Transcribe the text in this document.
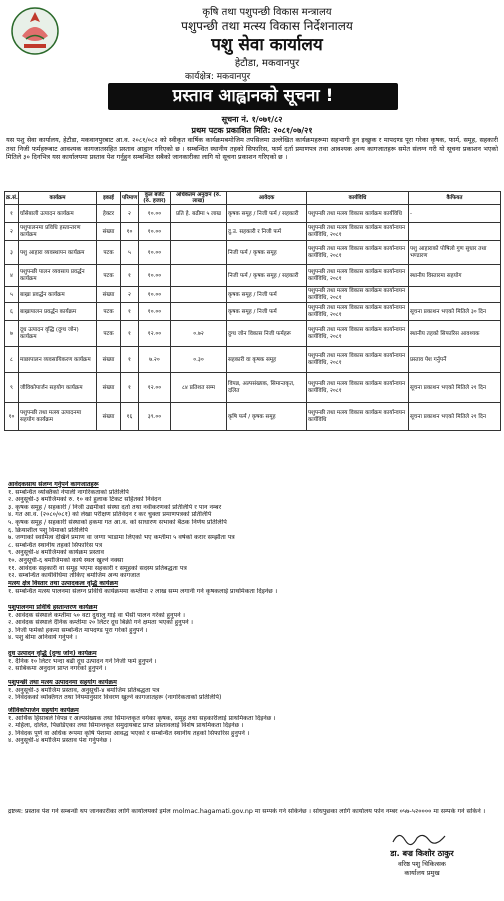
कृषि तथा पशुपन्छी विकास मन्त्रालय
पशुपन्छी तथा मत्स्य विकास निर्देशनालय
पशु सेवा कार्यालय
हेटौडा, मकवानपुर
कार्यक्षेत्र: मकवानपुर
प्रस्ताव आह्वानको सूचना !
सूचना नं. १/०७१/८२
प्रथम पटक प्रकाशित मिति: २०८१/०७/२१
यस पशु सेवा कार्यालय, हेटौडा, मकवानपुरबाट आ.व. २०८१/०८२ को स्वीकृत वार्षिक कार्यक्रमबमोजिम तपसिलमा उल्लेखित कार्यक्रमहरूमा सहभागी हुन इच्छुक र मापदण्ड पूरा गरेका कृषक, फार्म, समूह, सहकारी तथा निजी फर्महरूबाट आवश्यक कागजातसहित प्रस्ताव आह्वान गरिएको छ । सम्बन्धित स्थानीय तहको सिफारिस, फार्म दर्ता प्रमाणपत्र तथा आवश्यक अन्य कागजातहरू समेत संलग्न गरी यो सूचना प्रकाशन भएको मितिले ३० दिनभित्र यस कार्यालयमा प्रस्ताव पेश गर्नुहुन सम्बन्धित सबैको जानकारीका लागि यो सूचना प्रकाशन गरिएको छ ।
क्र.सं.	कार्यक्रम	इकाई	परिमाण	कुल बजेट (रु. हजार)	अधिकतम अनुदान (रु. लाख)	आवेदक	कार्यविधि	कैफियत
१	घाँसेबाली उत्पादन कार्यक्रम	हेक्टर	२	१०.००	प्रति हे. बढीमा ५ लाख	कृषक समूह / निजी फर्म / सहकारी	पशुपन्छी तथा मत्स्य विकास कार्यक्रम कार्यविधि	-
२	पशुपालनमा प्रविधि हस्तान्तरण कार्यक्रम	संख्या	१०	१०.००		दु.उ. सहकारी र निजी फर्म	पशुपन्छी तथा मत्स्य विकास कार्यक्रम कार्यान्वयन कार्यविधि, २०८१	
३	पशु आहारा व्यवस्थापन कार्यक्रम	पटक	५	१०.००		निजी फर्म / कृषक समूह	पशुपन्छी तथा मत्स्य विकास कार्यक्रम कार्यान्वयन कार्यविधि, २०८१	पशु आहाराको पोषिलो गुण सुधार तथा भण्डारण
४	पशुपन्छी पालन व्यवसाय प्रवर्द्धन कार्यक्रम	पटक	१	१०.००		निजी फर्म / कृषक समूह / सहकारी	पशुपन्छी तथा मत्स्य विकास कार्यक्रम कार्यान्वयन कार्यविधि, २०८१	स्थानीय विस्तारमा सहयोग
५	बाख्रा प्रवर्द्धन कार्यक्रम	संख्या	२	१०.००		कृषक समूह / निजी फर्म	पशुपन्छी तथा मत्स्य विकास कार्यक्रम कार्यान्वयन कार्यविधि, २०८१	
६	बाख्रापालन प्रवर्द्धन कार्यक्रम	पटक	१	१०.००		कृषक समूह / निजी फर्म	पशुपन्छी तथा मत्स्य विकास कार्यक्रम कार्यान्वयन कार्यविधि, २०८१	सूचना प्रकाशन भएको मितिले ३० दिन
७	दूध उत्पादन वृद्धि (दुग्ध जोन) कार्यक्रम	पटक	१	१२.००	०.७२	दुग्ध जोन विकास निजी फर्महरू	पशुपन्छी तथा मत्स्य विकास कार्यक्रम कार्यान्वयन कार्यविधि, २०८१	स्थानीय तहको सिफारिस आवश्यक
८	माछापालन व्यवसायिकरण कार्यक्रम	संख्या	१	७.२०	०.३०	सहकारी वा कृषक समूह	पशुपन्छी तथा मत्स्य विकास कार्यक्रम कार्यान्वयन कार्यविधि, २०८१	प्रस्ताव पेश गर्नुपर्ने
९	जीविकोपार्जन सहयोग कार्यक्रम	संख्या	१	१२.००	८४ प्रतिशत सम्म	विपन्न, अल्पसंख्यक, सिमान्तकृत, दलित	पशुपन्छी तथा मत्स्य विकास कार्यक्रम कार्यान्वयन कार्यविधि, २०८१	सूचना प्रकाशन भएको मितिले २१ दिन
१०	पशुपन्छी तथा मत्स्य उत्पादनमा सहयोग कार्यक्रम	संख्या	१६	३९.००		कृषि फर्म / कृषक समूह	पशुपन्छी तथा मत्स्य विकास कार्यक्रम कार्यान्वयन कार्यविधि	सूचना प्रकाशन भएको मितिले २१ दिन
आवेदकसाथ संलग्न गर्नुपर्ने कागजातहरू
१. सम्बन्धित व्यक्तिको नेपाली नागरिकताको प्रतिलिपि
२. अनुसूची-३ बमोजिमको रु. १० को हुलाक टिकट सहितको निवेदन
३. कृषक समूह / सहकारी / निजी उद्यमीको संस्था दर्ता तथा नवीकरणको प्रतिलिपि र पान नम्बर
४. गत आ.व. (२०८०/०८१) को लेखा परीक्षण प्रतिवेदन र कर चुक्ता प्रमाणपत्रको प्रतिलिपि
५. कृषक समूह / सहकारी संस्थाको हकमा गत आ.व. को साधारण सभाको बैठक निर्णय प्रतिलिपि
६. क्रियाशील पशु विमाको प्रतिलिपि
७. जग्गाको स्वामित्व देखिने प्रमाण वा जग्गा भाडामा लिएको भए कम्तीमा ५ वर्षको करार सम्झौता पत्र
८. सम्बन्धित स्थानीय तहको सिफारिस पत्र
९. अनुसूची-४ बमोजिमको कार्यक्रम प्रस्ताव
१०. अनुसूची-६ बमोजिमको कार्य स्थल खुल्ने नक्सा
११. आवेदक सहकारी वा समूह भएमा सहकारी र समूहको सदस्य प्रतिबद्धता पत्र
१२. सम्बन्धित कार्यविधिमा तोकिए बमोजिम अन्य कागजात
मत्स्य क्षेत्र विस्तार तथा उत्पादकत्व वृद्धि कार्यक्रम
१. सम्बन्धित मत्स्य पालनमा संलग्न प्रविधि कार्यक्रममा कम्तीमा २ लाख सम्म लगानी गर्ने कृषकलाई प्राथमिकता दिइनेछ ।
पशुपालनमा प्रविधि हस्तान्तरण कार्यक्रम
१. आवेदक संस्थाले कम्तीमा ५० वटा दुधालु गाई वा भैंसी पालन गरेको हुनुपर्ने ।
२. आवेदक संस्थाले दैनिक कम्तीमा २० लिटर दूध बिक्री गर्ने क्षमता भएको हुनुपर्ने ।
३. निजी फर्मको हकमा सम्बन्धित मापदण्ड पूरा गरेको हुनुपर्ने ।
४. पशु बीमा अनिवार्य गर्नुपर्ने ।
दुध उत्पादन वृद्धि (दुग्ध जोन) कार्यक्रम
१. दैनिक १० लिटर भन्दा बढी दूध उत्पादन गर्ने निजी फर्म हुनुपर्ने ।
२. साबिकमा अनुदान प्राप्त नगरेको हुनुपर्ने ।
पशुपन्छी तथा मत्स्य उत्पादनमा सहयोग कार्यक्रम
१. अनुसूची-३ बमोजिम प्रस्ताव, अनुसूची-४ बमोजिम प्रतिबद्धता पत्र
२. निवेदकको व्यक्तिगत तथा नियमानुसार विवरण खुल्ने कागजातहरू (नागरिकताको प्रतिलिपि)
जीविकोपार्जन सहयोग कार्यक्रम
१. आर्थिक हिसाबले विपन्न र अल्पसंख्यक तथा सिमान्तकृत वर्गका कृषक, समूह तथा सहकारीलाई प्राथमिकता दिइनेछ ।
२. महिला, दलित, पिछडिएका तथा सिमान्तकृत समुदायबाट प्राप्त प्रस्तावलाई विशेष प्राथमिकता दिइनेछ ।
३. निवेदक पूर्ण वा अधिक रूपमा कृषि पेशामा आवद्ध भएको र सम्बन्धित स्थानीय तहको सिफारिस हुनुपर्ने ।
४. अनुसूची-४ बमोजिम प्रस्ताव पेश गर्नुपर्नेछ ।
द्रष्टव्य: प्रस्ताव पेश गर्ने सम्बन्धी थप जानकारीका लागि कार्यालयको इमेल molmac.hagamati.gov.np मा सम्पर्क गर्न सकिनेछ । सोधपुछका लागि कार्यालय फोन नम्बर ०५७-५२०००० मा सम्पर्क गर्न सकिने ।
डा. बज्र किशोर ठाकुर
वरिष्ठ पशु चिकित्सक
कार्यालय प्रमुख
